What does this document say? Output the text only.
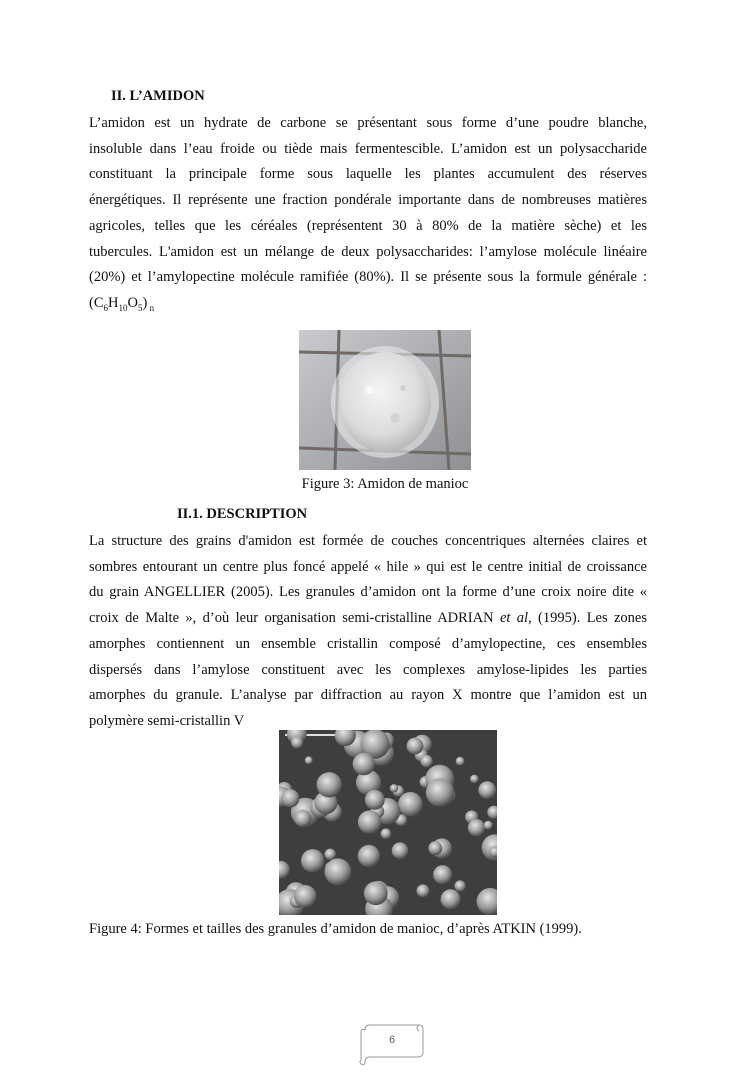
II. L’AMIDON
L’amidon est un hydrate de carbone se présentant sous forme d’une poudre blanche,
insoluble dans l’eau froide ou tiède mais fermentescible. L’amidon est un polysaccharide
constituant la principale forme sous laquelle les plantes accumulent des réserves
énergétiques. Il représente une fraction pondérale importante dans de nombreuses matières
agricoles, telles que les céréales (représentent 30 à 80% de la matière sèche) et les
tubercules. L'amidon est un mélange de deux polysaccharides: l’amylose molécule linéaire
(20%) et l’amylopectine molécule ramifiée (80%). Il se présente sous la formule générale :
$(C_6H_{10}O_5)$ $_n$
Figure 3: Amidon de manioc
II.1. DESCRIPTION
La structure des grains d'amidon est formée de couches concentriques alternées claires et
sombres entourant un centre plus foncé appelé « hile » qui est le centre initial de croissance
du grain ANGELLIER (2005). Les granules d’amidon ont la forme d’une croix noire dite «
croix de Malte », d’où leur organisation semi-cristalline ADRIAN et al, (1995). Les zones
amorphes contiennent un ensemble cristallin composé d’amylopectine, ces ensembles
dispersés dans l’amylose constituent avec les complexes amylose-lipides les parties
amorphes du granule. L’analyse par diffraction au rayon X montre que l’amidon est un
polymère semi-cristallin V
Figure 4: Formes et tailles des granules d’amidon de manioc, d’après ATKIN (1999).
6
